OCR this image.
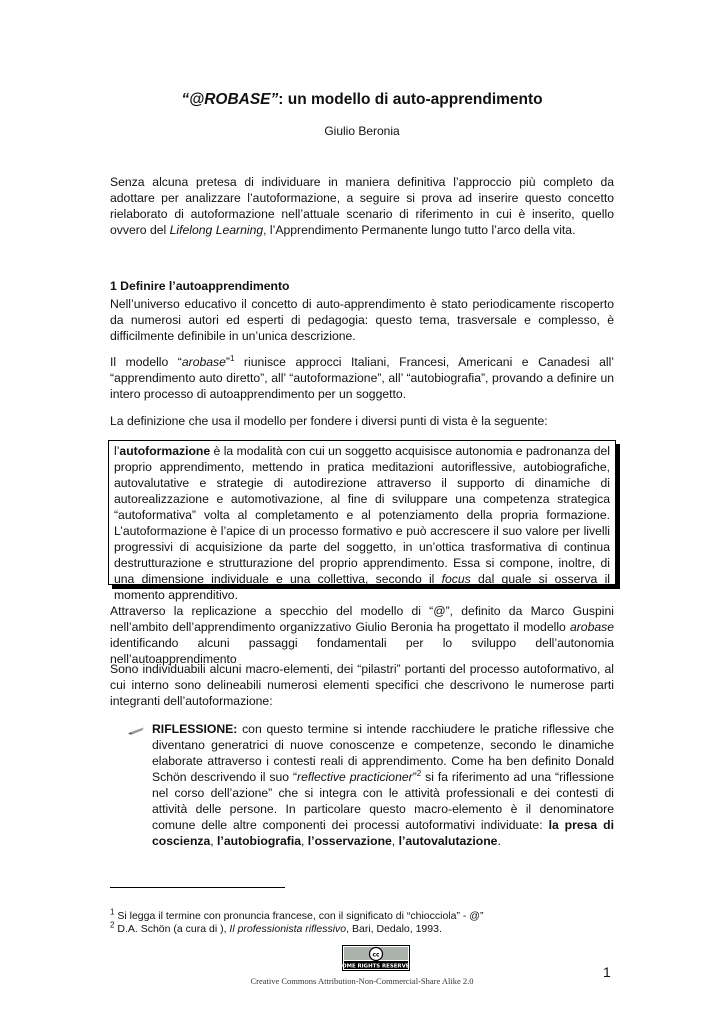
“@ROBASE”: un modello di auto-apprendimento
Giulio Beronia

Senza alcuna pretesa di individuare in maniera definitiva l’approccio più completo da adottare per analizzare l’autoformazione, a seguire si prova ad inserire questo concetto rielaborato di autoformazione nell’attuale scenario di riferimento in cui è inserito, quello ovvero del Lifelong Learning, l’Apprendimento Permanente lungo tutto l’arco della vita.

1 Definire l’autoapprendimento

Nell’universo educativo il concetto di auto-apprendimento è stato periodicamente riscoperto da numerosi autori ed esperti di pedagogia: questo tema, trasversale e complesso, è difficilmente definibile in un’unica descrizione.

Il modello “arobase”$^1$ riunisce approcci Italiani, Francesi, Americani e Canadesi all’ “apprendimento auto diretto”, all’ “autoformazione”, all’ “autobiografia”, provando a definire un intero processo di autoapprendimento per un soggetto.

La definizione che usa il modello per fondere i diversi punti di vista è la seguente:

l’autoformazione è la modalità con cui un soggetto acquisisce autonomia e padronanza del proprio apprendimento, mettendo in pratica meditazioni autoriflessive, autobiografiche, autovalutative e strategie di autodirezione attraverso il supporto di dinamiche di autorealizzazione e automotivazione, al fine di sviluppare una competenza strategica “autoformativa” volta al completamento e al potenziamento della propria formazione. L’autoformazione è l’apice di un processo formativo e può accrescere il suo valore per livelli progressivi di acquisizione da parte del soggetto, in un’ottica trasformativa di continua destrutturazione e strutturazione del proprio apprendimento. Essa si compone, inoltre, di una dimensione individuale e una collettiva, secondo il focus dal quale si osserva il momento apprenditivo.

Attraverso la replicazione a specchio del modello di “@”, definito da Marco Guspini nell’ambito dell’apprendimento organizzativo Giulio Beronia ha progettato il modello arobase identificando alcuni passaggi fondamentali per lo sviluppo dell’autonomia nell’autoapprendimento

Sono individuabili alcuni macro-elementi, dei “pilastri” portanti del processo autoformativo, al cui interno sono delineabili numerosi elementi specifici che descrivono le numerose parti integranti dell’autoformazione:

RIFLESSIONE: con questo termine si intende racchiudere le pratiche riflessive che diventano generatrici di nuove conoscenze e competenze, secondo le dinamiche elaborate attraverso i contesti reali di apprendimento. Come ha ben definito Donald Schön descrivendo il suo “reflective practicioner”$^2$ si fa riferimento ad una “riflessione nel corso dell’azione” che si integra con le attività professionali e dei contesti di attività delle persone. In particolare questo macro-elemento è il denominatore comune delle altre componenti dei processi autoformativi individuate: la presa di coscienza, l’autobiografia, l’osservazione, l’autovalutazione.

$^1$ Si legga il termine con pronuncia francese, con il significato di “chiocciola” - @”
$^2$ D.A. Schön (a cura di ), Il professionista riflessivo, Bari, Dedalo, 1993.
cc
SOME RIGHTS RESERVED
Creative Commons Attribution-Non-Commercial-Share Alike 2.0
1
